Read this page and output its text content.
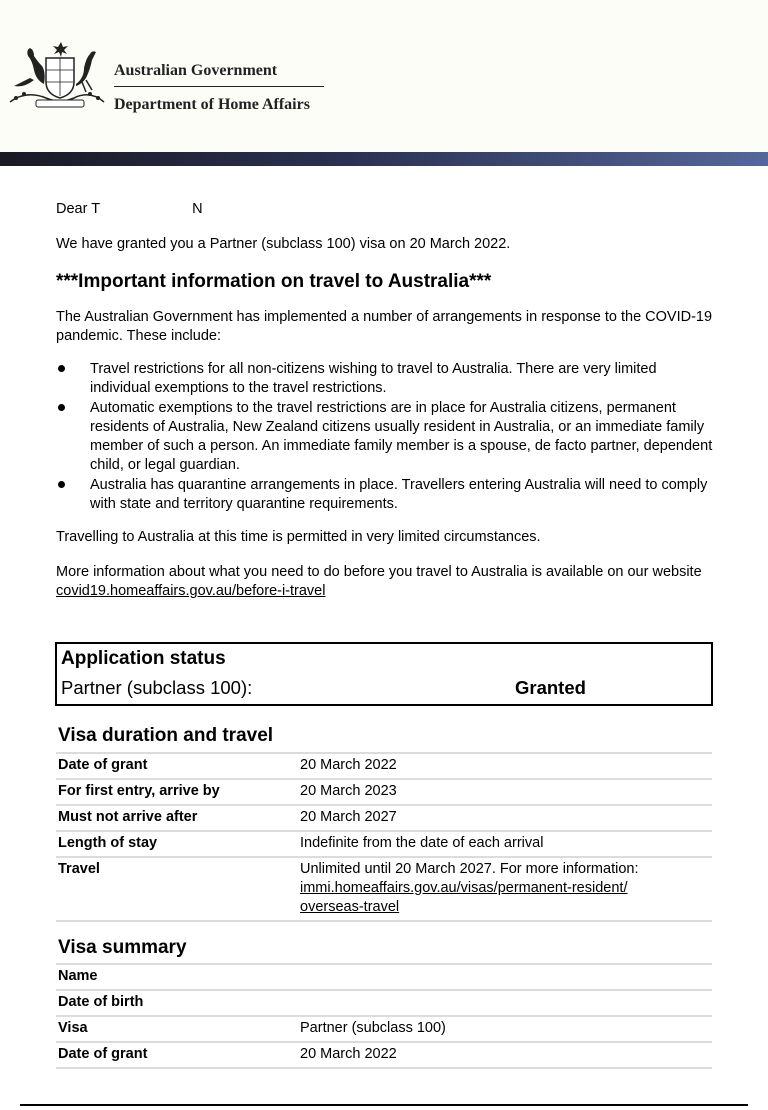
Australian Government
Department of Home Affairs

Dear T	N

We have granted you a Partner (subclass 100) visa on 20 March 2022.

***Important information on travel to Australia***

The Australian Government has implemented a number of arrangements in response to the COVID-19 pandemic. These include:

Travel restrictions for all non-citizens wishing to travel to Australia. There are very limited individual exemptions to the travel restrictions.
Automatic exemptions to the travel restrictions are in place for Australia citizens, permanent residents of Australia, New Zealand citizens usually resident in Australia, or an immediate family member of such a person. An immediate family member is a spouse, de facto partner, dependent child, or legal guardian.
Australia has quarantine arrangements in place. Travellers entering Australia will need to comply with state and territory quarantine requirements.

Travelling to Australia at this time is permitted in very limited circumstances.

More information about what you need to do before you travel to Australia is available on our website covid19.homeaffairs.gov.au/before-i-travel

Application status
Partner (subclass 100):	Granted
Visa duration and travel
Date of grant	20 March 2022
For first entry, arrive by	20 March 2023
Must not arrive after	20 March 2027
Length of stay	Indefinite from the date of each arrival
Travel	Unlimited until 20 March 2027. For more information:
immi.homeaffairs.gov.au/visas/permanent-resident/
overseas-travel
Visa summary
Name	
Date of birth	
Visa	Partner (subclass 100)
Date of grant	20 March 2022
